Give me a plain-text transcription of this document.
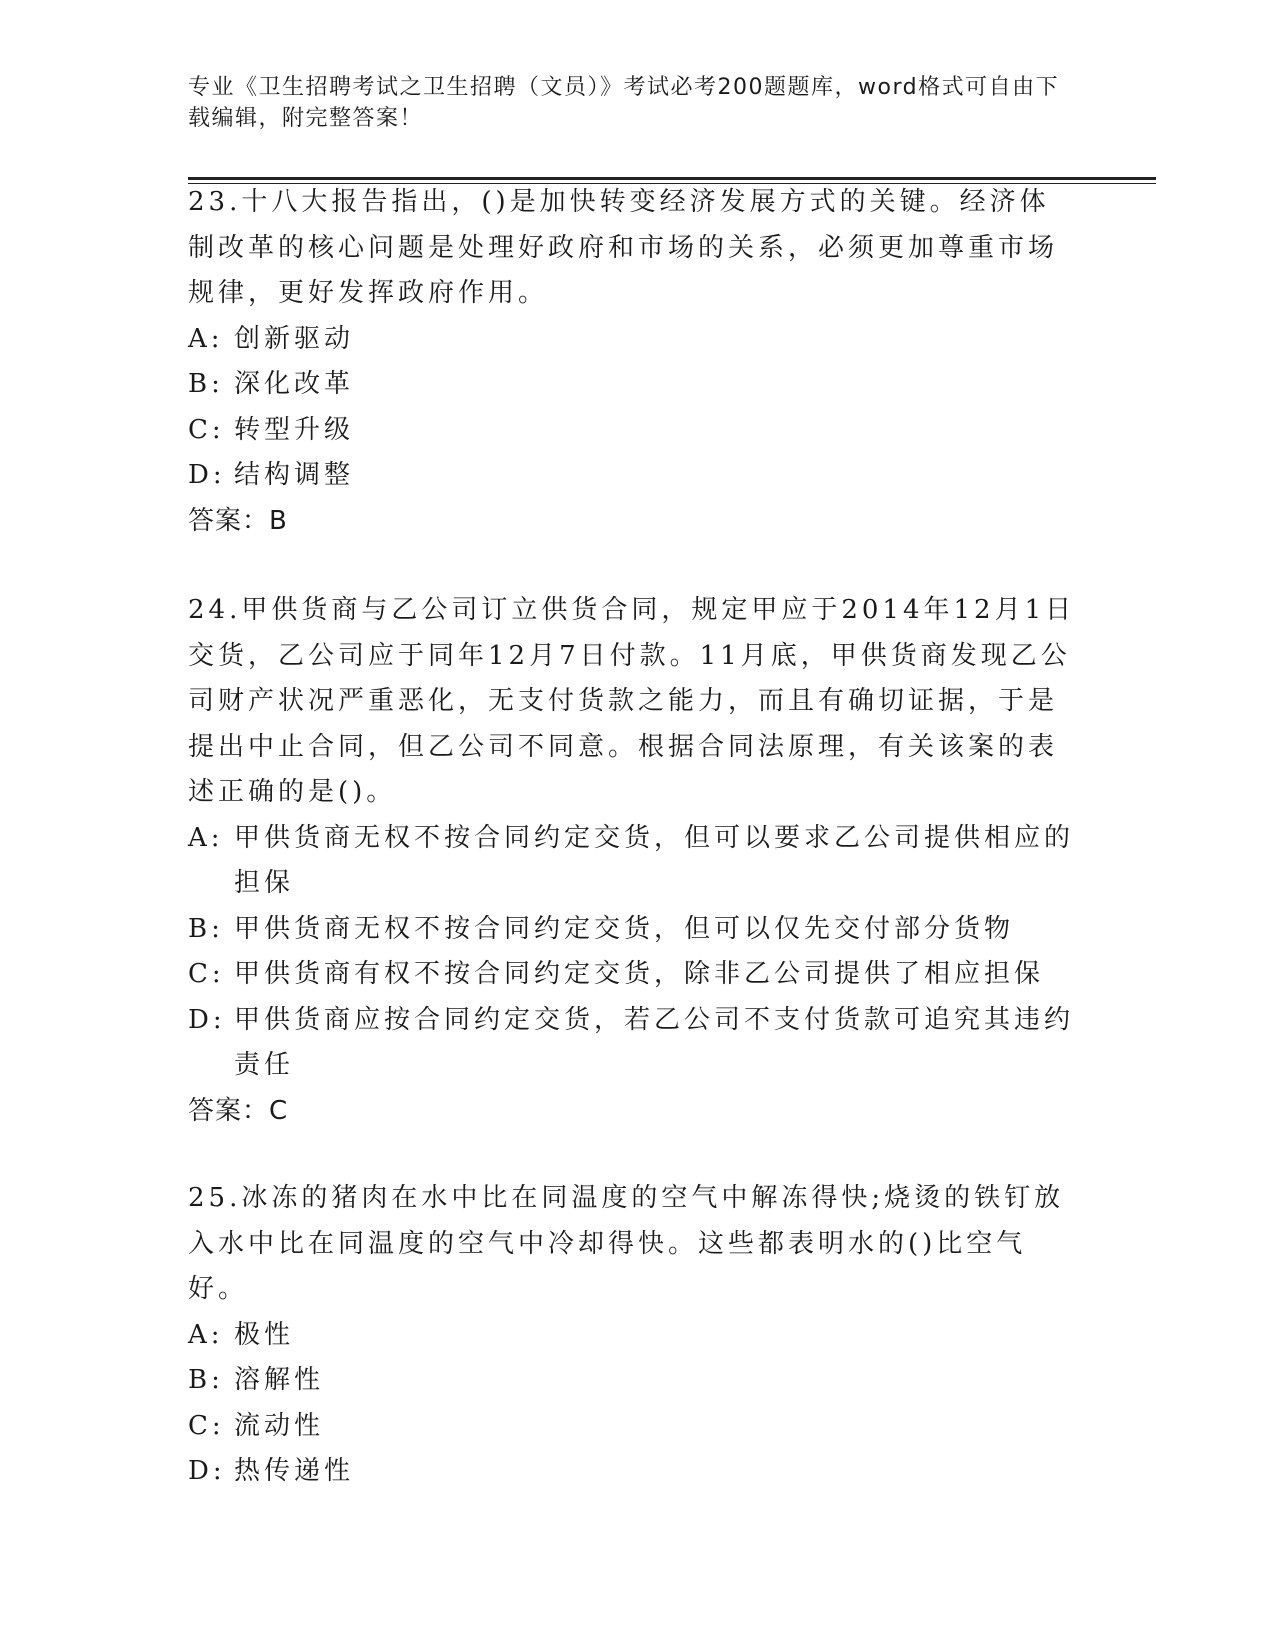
专业《卫生招聘考试之卫生招聘（文员）》考试必考200题题库，word格式可自由下载编辑，附完整答案！

23.十八大报告指出，()是加快转变经济发展方式的关键。经济体制改革的核心问题是处理好政府和市场的关系，必须更加尊重市场规律，更好发挥政府作用。

A: 创新驱动

B: 深化改革

C: 转型升级

D: 结构调整

答案：B

24.甲供货商与乙公司订立供货合同，规定甲应于2014年12月1日交货，乙公司应于同年12月7日付款。11月底，甲供货商发现乙公司财产状况严重恶化，无支付货款之能力，而且有确切证据，于是提出中止合同，但乙公司不同意。根据合同法原理，有关该案的表述正确的是()。

A: 甲供货商无权不按合同约定交货，但可以要求乙公司提供相应的担保

B: 甲供货商无权不按合同约定交货，但可以仅先交付部分货物

C: 甲供货商有权不按合同约定交货，除非乙公司提供了相应担保

D: 甲供货商应按合同约定交货，若乙公司不支付货款可追究其违约责任

答案：C

25.冰冻的猪肉在水中比在同温度的空气中解冻得快;烧烫的铁钉放入水中比在同温度的空气中冷却得快。这些都表明水的()比空气好。

A: 极性

B: 溶解性

C: 流动性

D: 热传递性
